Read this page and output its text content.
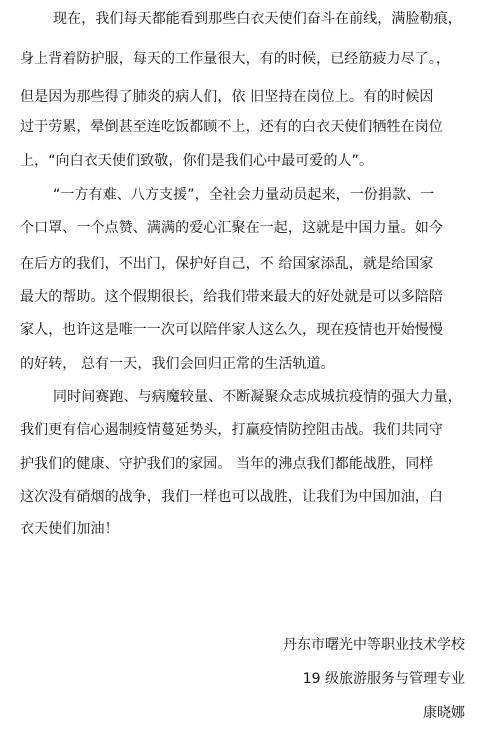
现在，我们每天都能看到那些白衣天使们奋斗在前线，满脸勒痕，
身上背着防护服，每天的工作量很大，有的时候，已经筋疲力尽了。，
但是因为那些得了肺炎的病人们，依 旧坚持在岗位上。有的时候因
过于劳累，晕倒甚至连吃饭都顾不上，还有的白衣天使们牺牲在岗位
上，“向白衣天使们致敬，你们是我们心中最可爱的人”。
“一方有难、八方支援”，全社会力量动员起来，一份捐款、一
个口罩、一个点赞、满满的爱心汇聚在一起，这就是中国力量。如今
在后方的我们，不出门，保护好自己，不 给国家添乱，就是给国家
最大的帮助。这个假期很长，给我们带来最大的好处就是可以多陪陪
家人，也许这是唯一一次可以陪伴家人这么久，现在疫情也开始慢慢
的好转， 总有一天，我们会回归正常的生活轨道。
同时间赛跑、与病魔较量、不断凝聚众志成城抗疫情的强大力量，
我们更有信心遏制疫情蔓延势头，打赢疫情防控阻击战。我们共同守
护我们的健康、守护我们的家园。 当年的沸点我们都能战胜，同样
这次没有硝烟的战争，我们一样也可以战胜，让我们为中国加油，白
衣天使们加油！
丹东市曙光中等职业技术学校
19 级旅游服务与管理专业
康晓娜
